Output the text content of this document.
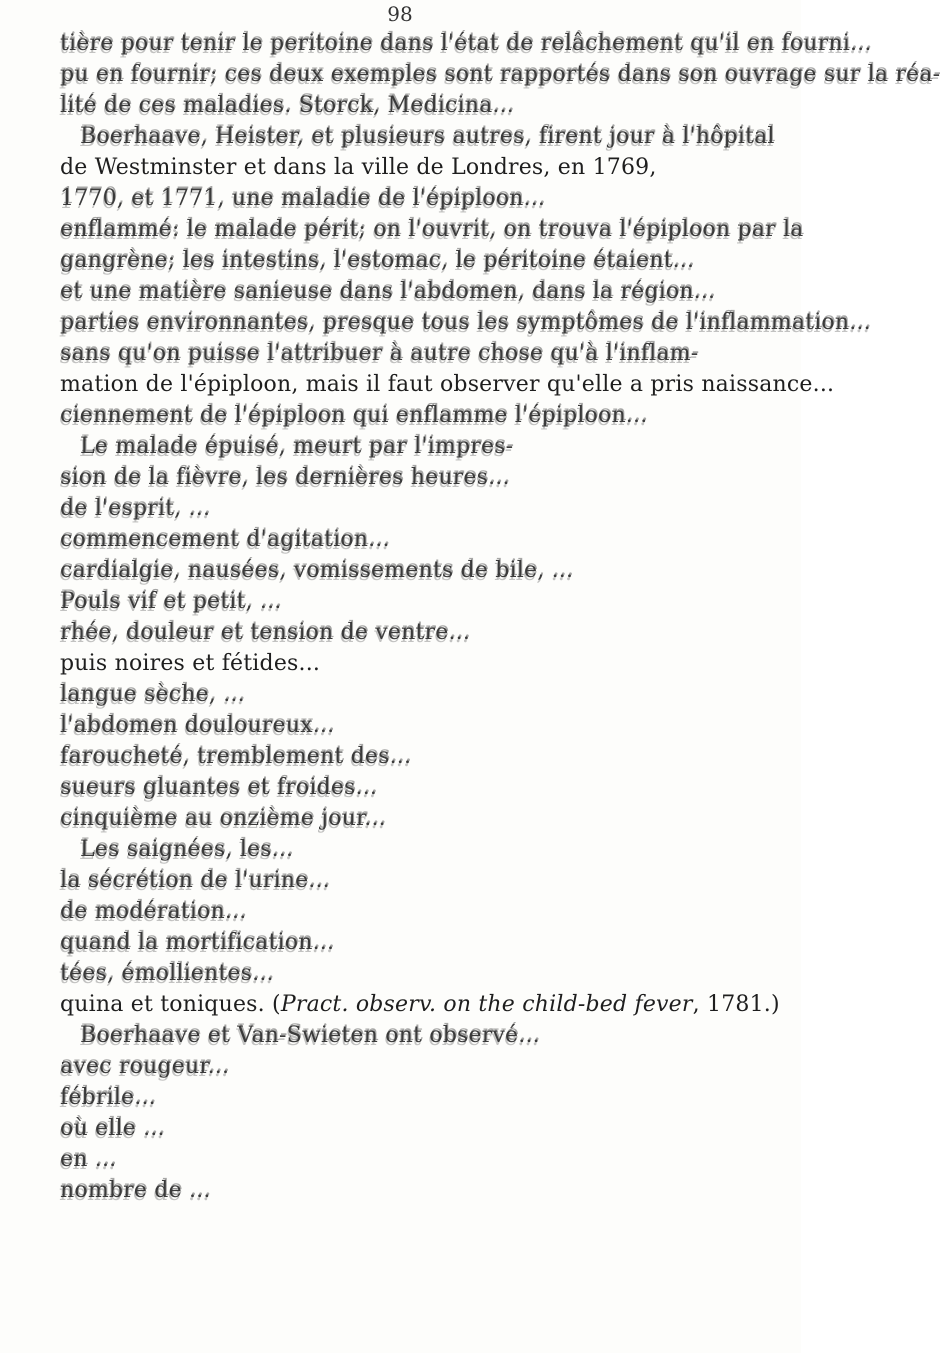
98
tière pour tenir le peritoine dans l'état de relâchement qu'il en fourni...
pu en fournir; ces deux exemples sont rapportés dans son ouvrage sur la réa-
lité de ces maladies. Storck, Medicina...
Boerhaave, Heister, et plusieurs autres, firent jour à l'hôpital
de Westminster et dans la ville de Londres, en 1769,
1770, et 1771, une maladie de l'épiploon...
enflammé: le malade périt; on l'ouvrit, on trouva l'épiploon par la
gangrène; les intestins, l'estomac, le péritoine étaient...
et une matière sanieuse dans l'abdomen, dans la région...
parties environnantes, presque tous les symptômes de l'inflammation...
sans qu'on puisse l'attribuer à autre chose qu'à l'inflam-
mation de l'épiploon, mais il faut observer qu'elle a pris naissance...
ciennement de l'épiploon qui enflamme l'épiploon...
Le malade épuisé, meurt par l'impres-
sion de la fièvre, les dernières heures...
de l'esprit, ...
commencement d'agitation...
cardialgie, nausées, vomissements de bile, ...
Pouls vif et petit, ...
rhée, douleur et tension de ventre...
puis noires et fétides...
langue sèche, ...
l'abdomen douloureux...
faroucheté, tremblement des...
sueurs gluantes et froides...
cinquième au onzième jour...
Les saignées, les...
la sécrétion de l'urine...
de modération...
quand la mortification...
tées, émollientes...
quina et toniques. (Pract. observ. on the child-bed fever, 1781.)
Boerhaave et Van-Swieten ont observé...
avec rougeur...
fébrile...
où elle ...
en ...
nombre de ...
